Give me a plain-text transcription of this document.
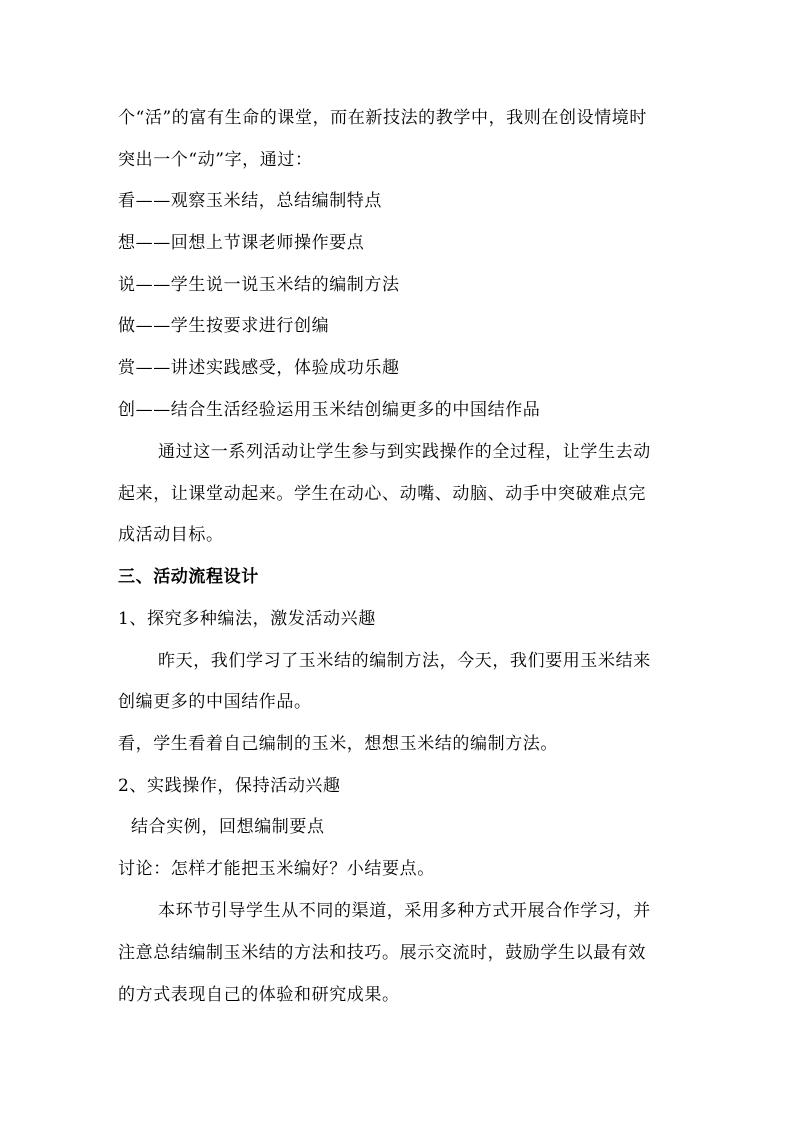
个“活”的富有生命的课堂，而在新技法的教学中，我则在创设情境时
突出一个“动”字，通过：
看——观察玉米结，总结编制特点
想——回想上节课老师操作要点
说——学生说一说玉米结的编制方法
做——学生按要求进行创编
赏——讲述实践感受，体验成功乐趣
创——结合生活经验运用玉米结创编更多的中国结作品
通过这一系列活动让学生参与到实践操作的全过程，让学生去动
起来，让课堂动起来。学生在动心、动嘴、动脑、动手中突破难点完
成活动目标。
三、活动流程设计
1、探究多种编法，激发活动兴趣
昨天，我们学习了玉米结的编制方法，今天，我们要用玉米结来
创编更多的中国结作品。
看，学生看着自己编制的玉米，想想玉米结的编制方法。
2、实践操作，保持活动兴趣
结合实例，回想编制要点
讨论：怎样才能把玉米编好？小结要点。
本环节引导学生从不同的渠道，采用多种方式开展合作学习，并
注意总结编制玉米结的方法和技巧。展示交流时，鼓励学生以最有效
的方式表现自己的体验和研究成果。
